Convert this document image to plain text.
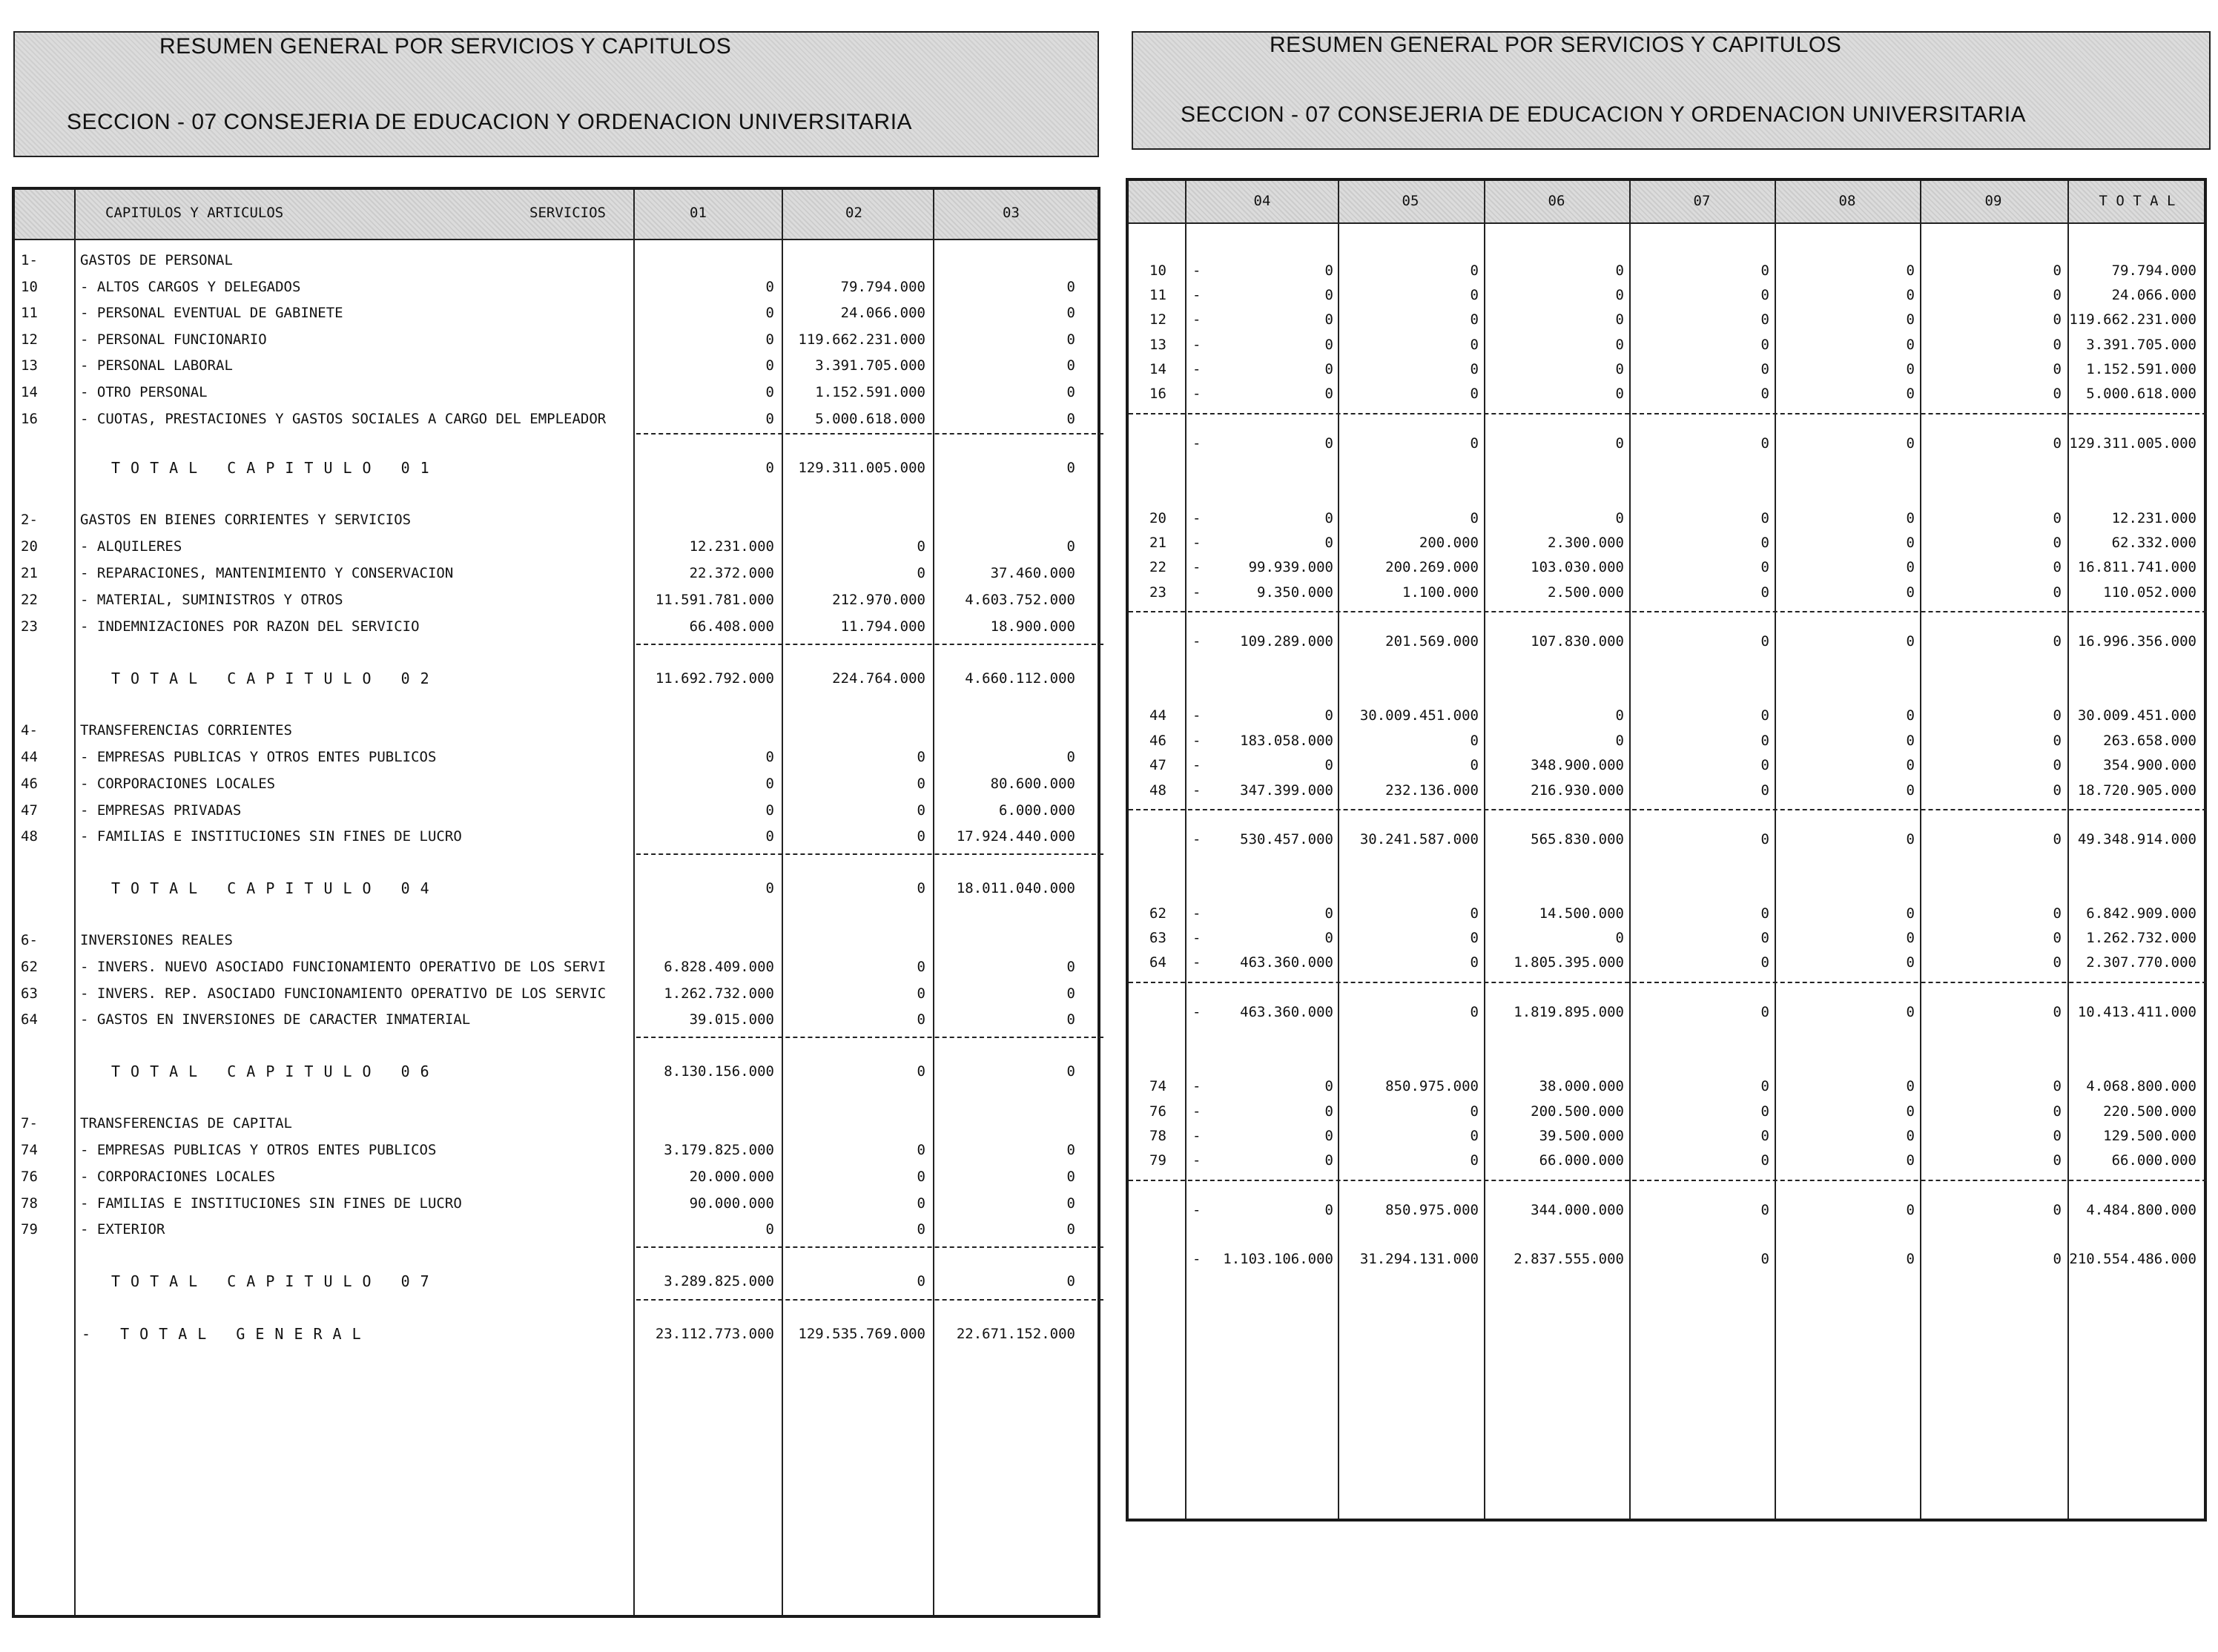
RESUMEN GENERAL POR SERVICIOS Y CAPITULOS
SECCION - 07 CONSEJERIA DE EDUCACION Y ORDENACION UNIVERSITARIA
RESUMEN GENERAL POR SERVICIOS Y CAPITULOS
SECCION - 07 CONSEJERIA DE EDUCACION Y ORDENACION UNIVERSITARIA
CAPITULOS Y ARTICULOS	SERVICIOS	01	02	03
1-	GASTOS DE PERSONAL
10	- ALTOS CARGOS Y DELEGADOS	0	79.794.000	0
11	- PERSONAL EVENTUAL DE GABINETE	0	24.066.000	0
12	- PERSONAL FUNCIONARIO	0	119.662.231.000	0
13	- PERSONAL LABORAL	0	3.391.705.000	0
14	- OTRO PERSONAL	0	1.152.591.000	0
16	- CUOTAS, PRESTACIONES Y GASTOS SOCIALES A CARGO DEL EMPLEADOR	0	5.000.618.000	0
TOTAL CAPITULO 01	0	129.311.005.000	0
2-	GASTOS EN BIENES CORRIENTES Y SERVICIOS
20	- ALQUILERES	12.231.000	0	0
21	- REPARACIONES, MANTENIMIENTO Y CONSERVACION	22.372.000	0	37.460.000
22	- MATERIAL, SUMINISTROS Y OTROS	11.591.781.000	212.970.000	4.603.752.000
23	- INDEMNIZACIONES POR RAZON DEL SERVICIO	66.408.000	11.794.000	18.900.000
TOTAL CAPITULO 02	11.692.792.000	224.764.000	4.660.112.000
4-	TRANSFERENCIAS CORRIENTES
44	- EMPRESAS PUBLICAS Y OTROS ENTES PUBLICOS	0	0	0
46	- CORPORACIONES LOCALES	0	0	80.600.000
47	- EMPRESAS PRIVADAS	0	0	6.000.000
48	- FAMILIAS E INSTITUCIONES SIN FINES DE LUCRO	0	0	17.924.440.000
TOTAL CAPITULO 04	0	0	18.011.040.000
6-	INVERSIONES REALES
62	- INVERS. NUEVO ASOCIADO FUNCIONAMIENTO OPERATIVO DE LOS SERVI	6.828.409.000	0	0
63	- INVERS. REP. ASOCIADO FUNCIONAMIENTO OPERATIVO DE LOS SERVIC	1.262.732.000	0	0
64	- GASTOS EN INVERSIONES DE CARACTER INMATERIAL	39.015.000	0	0
TOTAL CAPITULO 06	8.130.156.000	0	0
7-	TRANSFERENCIAS DE CAPITAL
74	- EMPRESAS PUBLICAS Y OTROS ENTES PUBLICOS	3.179.825.000	0	0
76	- CORPORACIONES LOCALES	20.000.000	0	0
78	- FAMILIAS E INSTITUCIONES SIN FINES DE LUCRO	90.000.000	0	0
79	- EXTERIOR	0	0	0
TOTAL CAPITULO 07	3.289.825.000	0	0
- TOTAL GENERAL	23.112.773.000	129.535.769.000	22.671.152.000
04	05	06	07	08	09	T O T A L
10 -	0	0	0	0	0	0	79.794.000
11 -	0	0	0	0	0	0	24.066.000
12 -	0	0	0	0	0	0 119.662.231.000
13 -	0	0	0	0	0	0	3.391.705.000
14 -	0	0	0	0	0	0	1.152.591.000
16 -	0	0	0	0	0	0	5.000.618.000
-	0	0	0	0	0	0 129.311.005.000
20 -	0	0	0	0	0	0	12.231.000
21 -	0	200.000	2.300.000	0	0	0	62.332.000
22 -	99.939.000	200.269.000	103.030.000	0	0	0	16.811.741.000
23 -	9.350.000	1.100.000	2.500.000	0	0	0	110.052.000
-	109.289.000	201.569.000	107.830.000	0	0	0	16.996.356.000
44 -	0	30.009.451.000	0	0	0	0	30.009.451.000
46 -	183.058.000	0	0	0	0	0	263.658.000
47 -	0	0	348.900.000	0	0	0	354.900.000
48 -	347.399.000	232.136.000	216.930.000	0	0	0	18.720.905.000
-	530.457.000	30.241.587.000	565.830.000	0	0	0	49.348.914.000
62 -	0	0	14.500.000	0	0	0	6.842.909.000
63 -	0	0	0	0	0	0	1.262.732.000
64 -	463.360.000	0	1.805.395.000	0	0	0	2.307.770.000
-	463.360.000	0	1.819.895.000	0	0	0	10.413.411.000
74 -	0	850.975.000	38.000.000	0	0	0	4.068.800.000
76 -	0	0	200.500.000	0	0	0	220.500.000
78 -	0	0	39.500.000	0	0	0	129.500.000
79 -	0	0	66.000.000	0	0	0	66.000.000
-	0	850.975.000	344.000.000	0	0	0	4.484.800.000
-	1.103.106.000	31.294.131.000	2.837.555.000	0	0	0 210.554.486.000
